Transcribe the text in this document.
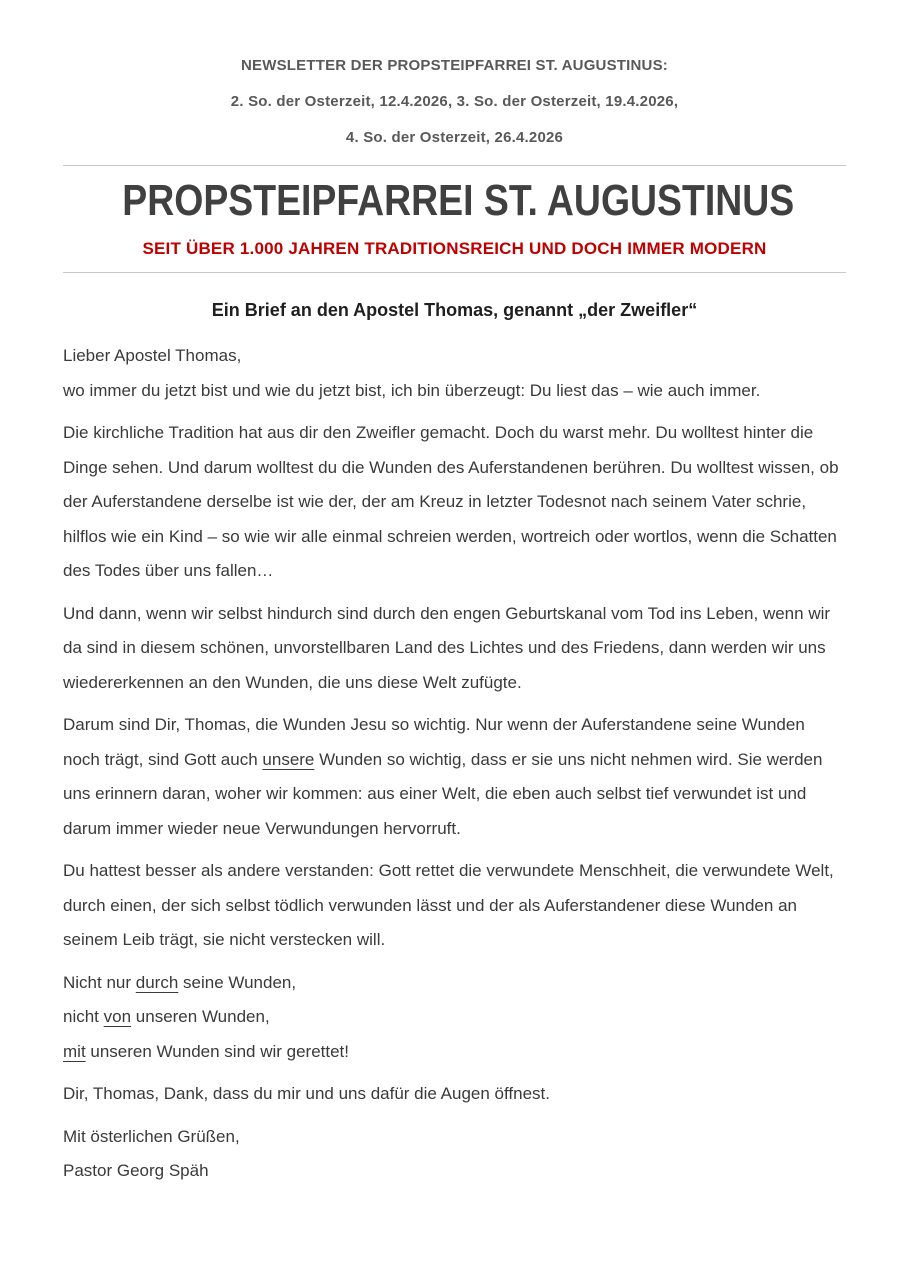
NEWSLETTER DER PROPSTEIPFARREI ST. AUGUSTINUS:
2. So. der Osterzeit, 12.4.2026, 3. So. der Osterzeit, 19.4.2026,
4. So. der Osterzeit, 26.4.2026
PROPSTEIPFARREI ST. AUGUSTINUS
SEIT ÜBER 1.000 JAHREN TRADITIONSREICH UND DOCH IMMER MODERN
Ein Brief an den Apostel Thomas, genannt „der Zweifler“

Lieber Apostel Thomas,

wo immer du jetzt bist und wie du jetzt bist, ich bin überzeugt: Du liest das – wie auch immer.

Die kirchliche Tradition hat aus dir den Zweifler gemacht. Doch du warst mehr. Du wolltest hinter die Dinge sehen. Und darum wolltest du die Wunden des Auferstandenen berühren. Du wolltest wissen, ob der Auferstandene derselbe ist wie der, der am Kreuz in letzter Todesnot nach seinem Vater schrie, hilflos wie ein Kind – so wie wir alle einmal schreien werden, wortreich oder wortlos, wenn die Schatten des Todes über uns fallen…

Und dann, wenn wir selbst hindurch sind durch den engen Geburtskanal vom Tod ins Leben, wenn wir da sind in diesem schönen, unvorstellbaren Land des Lichtes und des Friedens, dann werden wir uns wiedererkennen an den Wunden, die uns diese Welt zufügte.

Darum sind Dir, Thomas, die Wunden Jesu so wichtig. Nur wenn der Auferstandene seine Wunden noch trägt, sind Gott auch unsere Wunden so wichtig, dass er sie uns nicht nehmen wird. Sie werden uns erinnern daran, woher wir kommen: aus einer Welt, die eben auch selbst tief verwundet ist und darum immer wieder neue Verwundungen hervorruft.

Du hattest besser als andere verstanden: Gott rettet die verwundete Menschheit, die verwundete Welt, durch einen, der sich selbst tödlich verwunden lässt und der als Auferstandener diese Wunden an seinem Leib trägt, sie nicht verstecken will.

Nicht nur durch seine Wunden,
nicht von unseren Wunden,
mit unseren Wunden sind wir gerettet!

Dir, Thomas, Dank, dass du mir und uns dafür die Augen öffnest.

Mit österlichen Grüßen,
Pastor Georg Späh
